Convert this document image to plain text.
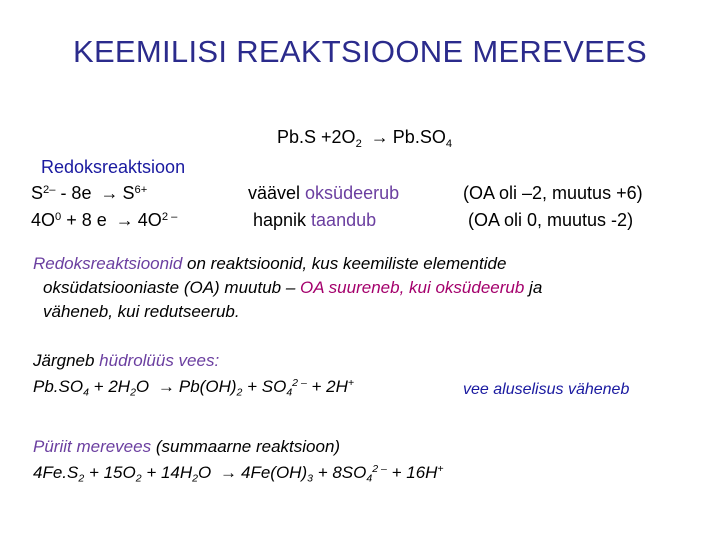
KEEMILISI REAKTSIOONE MEREVEES
$Pb.S +2O_2 \to Pb.SO_4$
Redoksreaktsioon
$S^{2-} - 8e \to S^{6+}$
$4O^0 + 8$ $e \to 4O^{2 -}$
väävel oksüdeerub
hapnik taandub
(OA oli –2, muutus +6)
(OA oli 0, muutus -2)
Redoksreaktsioonid on reaktsioonid, kus keemiliste elementide
oksüdatsiooniaste (OA) muutub – OA suureneb, kui oksüdeerub ja
väheneb, kui redutseerub.
Järgneb hüdrolüüs vees:
$Pb.SO_4 + 2H_2O \to Pb(OH)_2 + SO_4^{2 -} + 2H^+$	vee aluselisus väheneb
Püriit merevees (summaarne reaktsioon)
$4Fe.S_2 + 15O_2 + 14H_2O \to 4Fe(OH)_3 + 8SO_4^{2 -} + 16H^+$
